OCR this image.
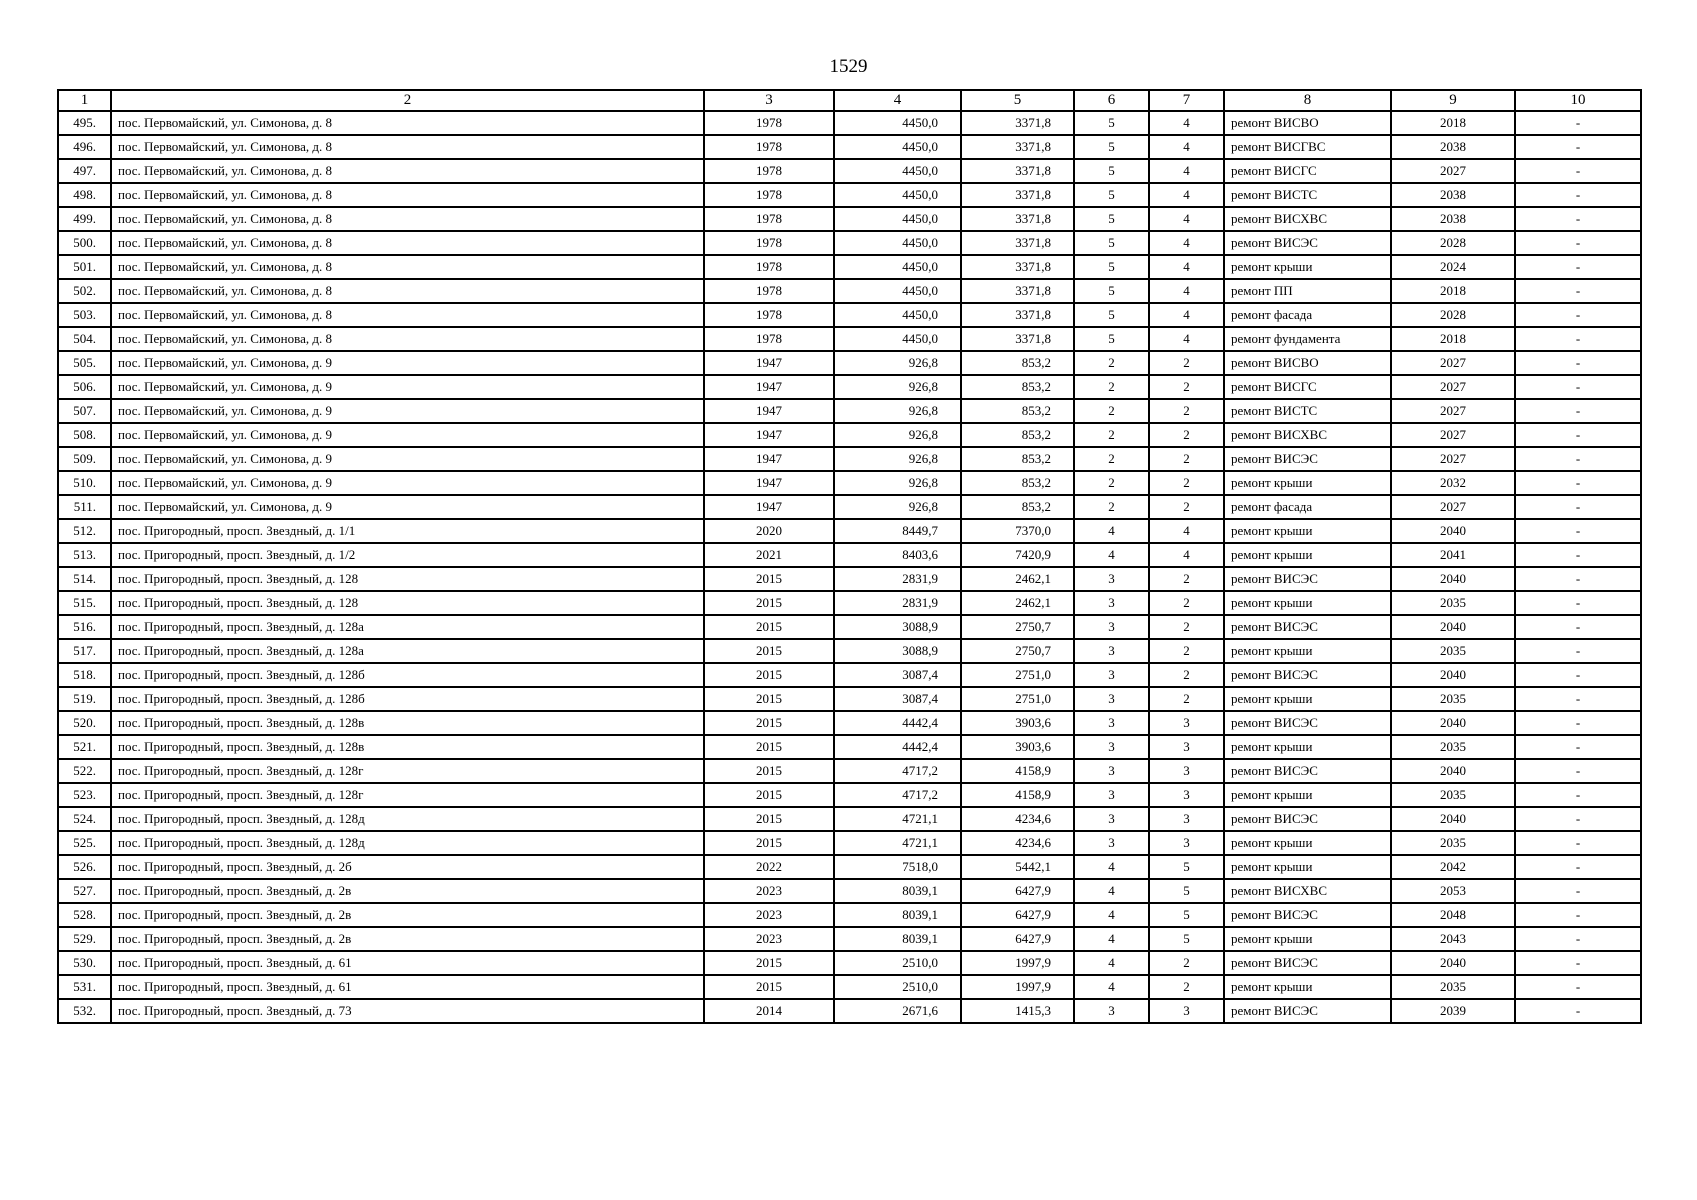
1529
1	2	3	4	5	6	7	8	9	10
495.	пос. Первомайский, ул. Симонова, д. 8	1978	4450,0	3371,8	5	4	ремонт ВИСВО	2018	-
496.	пос. Первомайский, ул. Симонова, д. 8	1978	4450,0	3371,8	5	4	ремонт ВИСГВС	2038	-
497.	пос. Первомайский, ул. Симонова, д. 8	1978	4450,0	3371,8	5	4	ремонт ВИСГС	2027	-
498.	пос. Первомайский, ул. Симонова, д. 8	1978	4450,0	3371,8	5	4	ремонт ВИСТС	2038	-
499.	пос. Первомайский, ул. Симонова, д. 8	1978	4450,0	3371,8	5	4	ремонт ВИСХВС	2038	-
500.	пос. Первомайский, ул. Симонова, д. 8	1978	4450,0	3371,8	5	4	ремонт ВИСЭС	2028	-
501.	пос. Первомайский, ул. Симонова, д. 8	1978	4450,0	3371,8	5	4	ремонт крыши	2024	-
502.	пос. Первомайский, ул. Симонова, д. 8	1978	4450,0	3371,8	5	4	ремонт ПП	2018	-
503.	пос. Первомайский, ул. Симонова, д. 8	1978	4450,0	3371,8	5	4	ремонт фасада	2028	-
504.	пос. Первомайский, ул. Симонова, д. 8	1978	4450,0	3371,8	5	4	ремонт фундамента	2018	-
505.	пос. Первомайский, ул. Симонова, д. 9	1947	926,8	853,2	2	2	ремонт ВИСВО	2027	-
506.	пос. Первомайский, ул. Симонова, д. 9	1947	926,8	853,2	2	2	ремонт ВИСГС	2027	-
507.	пос. Первомайский, ул. Симонова, д. 9	1947	926,8	853,2	2	2	ремонт ВИСТС	2027	-
508.	пос. Первомайский, ул. Симонова, д. 9	1947	926,8	853,2	2	2	ремонт ВИСХВС	2027	-
509.	пос. Первомайский, ул. Симонова, д. 9	1947	926,8	853,2	2	2	ремонт ВИСЭС	2027	-
510.	пос. Первомайский, ул. Симонова, д. 9	1947	926,8	853,2	2	2	ремонт крыши	2032	-
511.	пос. Первомайский, ул. Симонова, д. 9	1947	926,8	853,2	2	2	ремонт фасада	2027	-
512.	пос. Пригородный, просп. Звездный, д. 1/1	2020	8449,7	7370,0	4	4	ремонт крыши	2040	-
513.	пос. Пригородный, просп. Звездный, д. 1/2	2021	8403,6	7420,9	4	4	ремонт крыши	2041	-
514.	пос. Пригородный, просп. Звездный, д. 128	2015	2831,9	2462,1	3	2	ремонт ВИСЭС	2040	-
515.	пос. Пригородный, просп. Звездный, д. 128	2015	2831,9	2462,1	3	2	ремонт крыши	2035	-
516.	пос. Пригородный, просп. Звездный, д. 128а	2015	3088,9	2750,7	3	2	ремонт ВИСЭС	2040	-
517.	пос. Пригородный, просп. Звездный, д. 128а	2015	3088,9	2750,7	3	2	ремонт крыши	2035	-
518.	пос. Пригородный, просп. Звездный, д. 128б	2015	3087,4	2751,0	3	2	ремонт ВИСЭС	2040	-
519.	пос. Пригородный, просп. Звездный, д. 128б	2015	3087,4	2751,0	3	2	ремонт крыши	2035	-
520.	пос. Пригородный, просп. Звездный, д. 128в	2015	4442,4	3903,6	3	3	ремонт ВИСЭС	2040	-
521.	пос. Пригородный, просп. Звездный, д. 128в	2015	4442,4	3903,6	3	3	ремонт крыши	2035	-
522.	пос. Пригородный, просп. Звездный, д. 128г	2015	4717,2	4158,9	3	3	ремонт ВИСЭС	2040	-
523.	пос. Пригородный, просп. Звездный, д. 128г	2015	4717,2	4158,9	3	3	ремонт крыши	2035	-
524.	пос. Пригородный, просп. Звездный, д. 128д	2015	4721,1	4234,6	3	3	ремонт ВИСЭС	2040	-
525.	пос. Пригородный, просп. Звездный, д. 128д	2015	4721,1	4234,6	3	3	ремонт крыши	2035	-
526.	пос. Пригородный, просп. Звездный, д. 2б	2022	7518,0	5442,1	4	5	ремонт крыши	2042	-
527.	пос. Пригородный, просп. Звездный, д. 2в	2023	8039,1	6427,9	4	5	ремонт ВИСХВС	2053	-
528.	пос. Пригородный, просп. Звездный, д. 2в	2023	8039,1	6427,9	4	5	ремонт ВИСЭС	2048	-
529.	пос. Пригородный, просп. Звездный, д. 2в	2023	8039,1	6427,9	4	5	ремонт крыши	2043	-
530.	пос. Пригородный, просп. Звездный, д. 61	2015	2510,0	1997,9	4	2	ремонт ВИСЭС	2040	-
531.	пос. Пригородный, просп. Звездный, д. 61	2015	2510,0	1997,9	4	2	ремонт крыши	2035	-
532.	пос. Пригородный, просп. Звездный, д. 73	2014	2671,6	1415,3	3	3	ремонт ВИСЭС	2039	-
